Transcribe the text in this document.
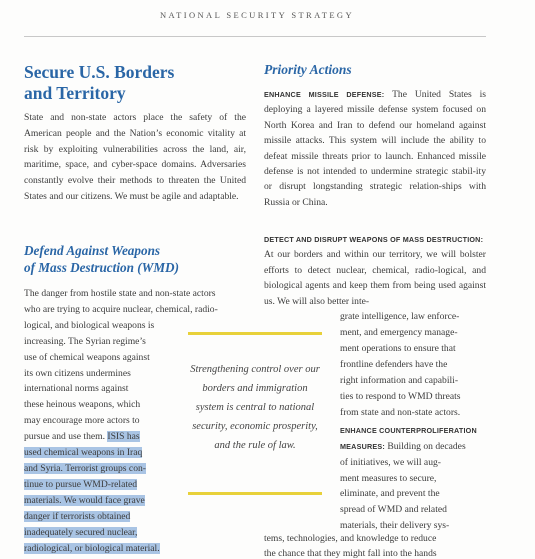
NATIONAL SECURITY STRATEGY
Secure U.S. Borders
and Territory

State and non-state actors place the safety of the American people and the Nation’s economic vitality at risk by exploiting vulnerabilities across the land, air, maritime, space, and cyber-space domains. Adversaries constantly evolve their methods to threaten the United States and our citizens. We must be agile and adaptable.

Defend Against Weapons
of Mass Destruction (WMD)
The danger from hostile state and non-state actors
who are trying to acquire nuclear, chemical, radio-
logical, and biological weapons is
increasing. The Syrian regime’s
use of chemical weapons against
its own citizens undermines
international norms against
these heinous weapons, which
may encourage more actors to
pursue and use them. ISIS has
used chemical weapons in Iraq
and Syria. Terrorist groups con-
tinue to pursue WMD-related
materials. We would face grave
danger if terrorists obtained
inadequately secured nuclear,
radiological, or biological material.
Strengthening control over our borders and immigration system is central to national security, economic prosperity, and the rule of law.
Priority Actions

ENHANCE MISSILE DEFENSE: The United States is deploying a layered missile defense system focused on North Korea and Iran to defend our homeland against missile attacks. This system will include the ability to defeat missile threats prior to launch. Enhanced missile defense is not intended to undermine strategic stabil-ity or disrupt longstanding strategic relation-ships with Russia or China.

DETECT AND DISRUPT WEAPONS OF MASS DESTRUCTION:
At our borders and within our territory, we will bolster efforts to detect nuclear, chemical, radio-logical, and biological agents and keep them from being used against us. We will also better inte-
grate intelligence, law enforce-
ment, and emergency manage-
ment operations to ensure that
frontline defenders have the
right information and capabili-
ties to respond to WMD threats
from state and non-state actors.
ENHANCE COUNTERPROLIFERATION
MEASURES: Building on decades
of initiatives, we will aug-
ment measures to secure,
eliminate, and prevent the
spread of WMD and related
materials, their delivery sys-
tems, technologies, and knowledge to reduce
the chance that they might fall into the hands
